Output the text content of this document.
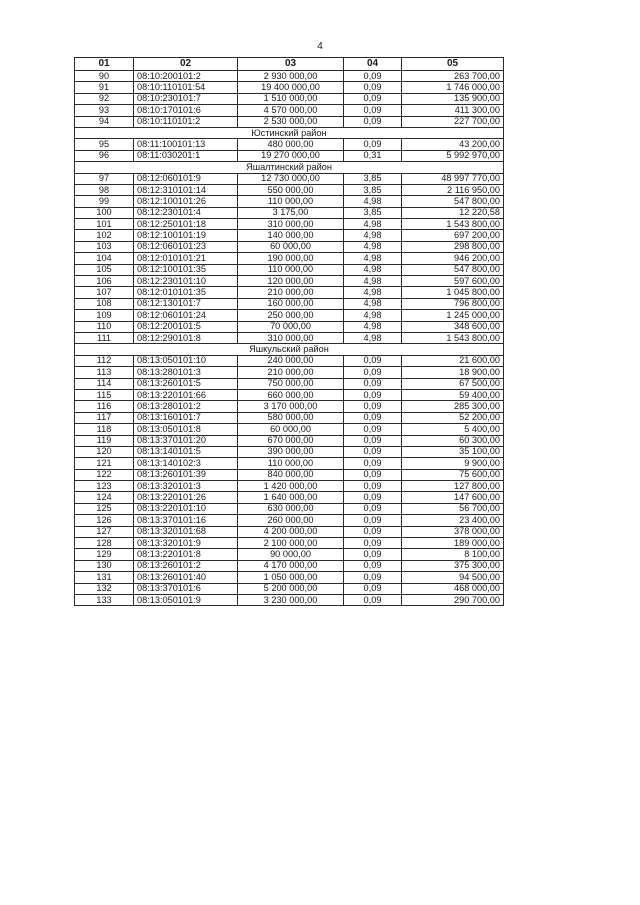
4
01	02	03	04	05
90	08:10:200101:2	2 930 000,00	0,09	263 700,00
91	08:10:110101:54	19 400 000,00	0,09	1 746 000,00
92	08:10:230101:7	1 510 000,00	0,09	135 900,00
93	08:10:170101:6	4 570 000,00	0,09	411 300,00
94	08:10:110101:2	2 530 000,00	0,09	227 700,00
Юстинский район				
95	08:11:100101:13	480 000,00	0,09	43 200,00
96	08:11:030201:1	19 270 000,00	0,31	5 992 970,00
Яшалтинский район				
97	08:12:060101:9	12 730 000,00	3,85	48 997 770,00
98	08:12:310101:14	550 000,00	3,85	2 116 950,00
99	08:12:100101:26	110 000,00	4,98	547 800,00
100	08:12:230101:4	3 175,00	3,85	12 220,58
101	08:12:250101:18	310 000,00	4,98	1 543 800,00
102	08:12:100101:19	140 000,00	4,98	697 200,00
103	08:12:060101:23	60 000,00	4,98	298 800,00
104	08:12:010101:21	190 000,00	4,98	946 200,00
105	08:12:100101:35	110 000,00	4,98	547 800,00
106	08:12:230101:10	120 000,00	4,98	597 600,00
107	08:12:010101:35	210 000,00	4,98	1 045 800,00
108	08:12:130101:7	160 000,00	4,98	796 800,00
109	08:12:060101:24	250 000,00	4,98	1 245 000,00
110	08:12:200101:5	70 000,00	4,98	348 600,00
111	08:12:290101:8	310 000,00	4,98	1 543 800,00
Яшкульский район				
112	08:13:050101:10	240 000,00	0,09	21 600,00
113	08:13:280101:3	210 000,00	0,09	18 900,00
114	08:13:260101:5	750 000,00	0,09	67 500,00
115	08:13:220101:66	660 000,00	0,09	59 400,00
116	08:13:280101:2	3 170 000,00	0,09	285 300,00
117	08:13:160101:7	580 000,00	0,09	52 200,00
118	08:13:050101:8	60 000,00	0,09	5 400,00
119	08:13:370101:20	670 000,00	0,09	60 300,00
120	08:13:140101:5	390 000,00	0,09	35 100,00
121	08:13:140102:3	110 000,00	0,09	9 900,00
122	08:13:260101:39	840 000,00	0,09	75 600,00
123	08:13:320101:3	1 420 000,00	0,09	127 800,00
124	08:13:220101:26	1 640 000,00	0,09	147 600,00
125	08:13:220101:10	630 000,00	0,09	56 700,00
126	08:13:370101:16	260 000,00	0,09	23 400,00
127	08:13:320101:68	4 200 000,00	0,09	378 000,00
128	08:13:320101:9	2 100 000,00	0,09	189 000,00
129	08:13:220101:8	90 000,00	0,09	8 100,00
130	08:13:260101:2	4 170 000,00	0,09	375 300,00
131	08:13:260101:40	1 050 000,00	0,09	94 500,00
132	08:13:370101:6	5 200 000,00	0,09	468 000,00
133	08:13:050101:9	3 230 000,00	0,09	290 700,00
